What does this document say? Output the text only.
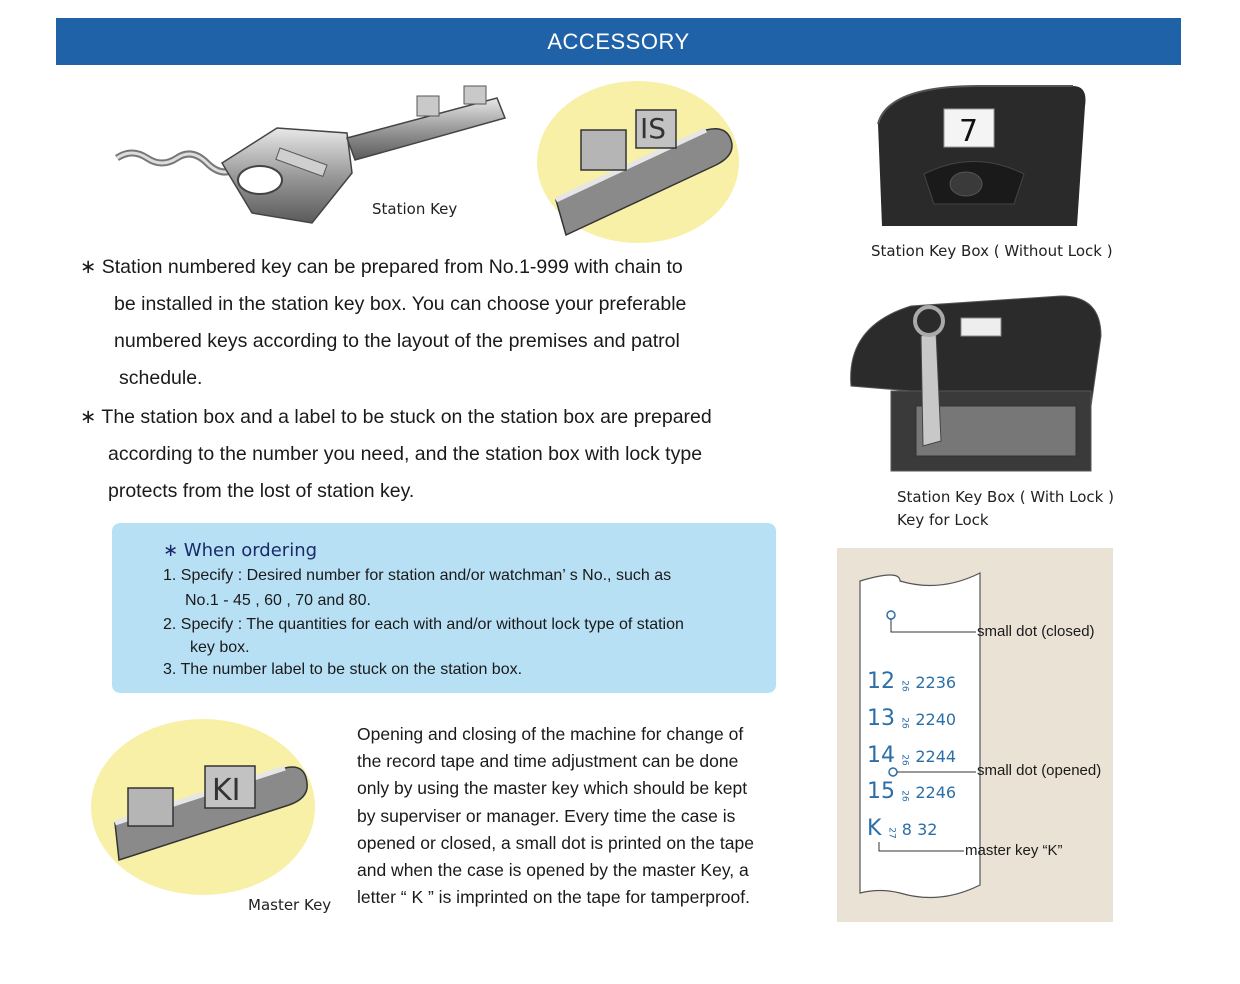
ACCESSORY
Station Key
IS	7
Station Key Box ( Without Lock )
Station Key Box ( With Lock )
Key for Lock

∗ Station numbered key can be prepared from No.1-999 with chain to

be installed in the station key box. You can choose your preferable

numbered keys according to the layout of the premises and patrol

schedule.

∗ The station box and a label to be stuck on the station box are prepared

according to the number you need, and the station box with lock type

protects from the lost of station key.

∗ When ordering
1. Specify : Desired number for station and/or watchman’ s No., such as
No.1 - 45 , 60 , 70 and 80.
2. Specify : The quantities for each with and/or without lock type of station
key box.
3. The number label to be stuck on the station box.
KI
Master Key
Opening and closing of the machine for change of
the record tape and time adjustment can be done
only by using the master key which should be kept
by superviser or manager. Every time the case is
opened or closed, a small dot is printed on the tape
and when the case is opened by the master Key, a
letter “ K ” is imprinted on the tape for tamperproof.
12 26 2236
13 26 2240
14 26 2244
15 26 2246
K 27 8 32
small dot (closed)
small dot (opened)
master key “K”
